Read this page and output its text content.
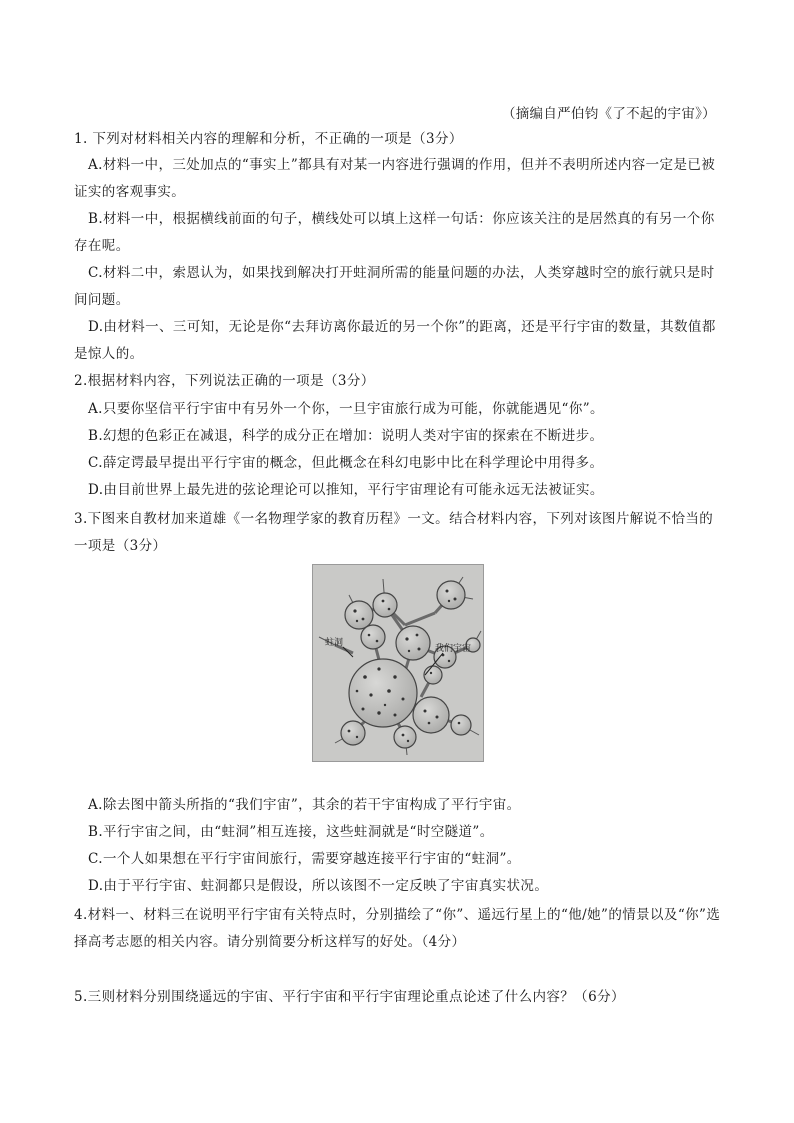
（摘编自严伯钧《了不起的宇宙》）
1. 下列对材料相关内容的理解和分析，不正确的一项是（3分）
A.材料一中，三处加点的“事实上”都具有对某一内容进行强调的作用，但并不表明所述内容一定是已被证实的客观事实。
B.材料一中，根据横线前面的句子，横线处可以填上这样一句话：你应该关注的是居然真的有另一个你存在呢。
C.材料二中，索恩认为，如果找到解决打开蛀洞所需的能量问题的办法，人类穿越时空的旅行就只是时间问题。
D.由材料一、三可知，无论是你“去拜访离你最近的另一个你”的距离，还是平行宇宙的数量，其数值都是惊人的。
2.根据材料内容，下列说法正确的一项是（3分）
A.只要你坚信平行宇宙中有另外一个你，一旦宇宙旅行成为可能，你就能遇见“你”。
B.幻想的色彩正在减退，科学的成分正在增加：说明人类对宇宙的探索在不断进步。
C.薛定谔最早提出平行宇宙的概念，但此概念在科幻电影中比在科学理论中用得多。
D.由目前世界上最先进的弦论理论可以推知，平行宇宙理论有可能永远无法被证实。
3.下图来自教材加来道雄《一名物理学家的教育历程》一文。结合材料内容，下列对该图片解说不恰当的一项是（3分）
蛀洞
我们宇宙
A.除去图中箭头所指的“我们宇宙”，其余的若干宇宙构成了平行宇宙。
B.平行宇宙之间，由“蛀洞”相互连接，这些蛀洞就是“时空隧道”。
C.一个人如果想在平行宇宙间旅行，需要穿越连接平行宇宙的“蛀洞”。
D.由于平行宇宙、蛀洞都只是假设，所以该图不一定反映了宇宙真实状况。
4.材料一、材料三在说明平行宇宙有关特点时，分别描绘了“你”、遥远行星上的“他/她”的情景以及“你”选择高考志愿的相关内容。请分别简要分析这样写的好处。（4分）
5.三则材料分别围绕遥远的宇宙、平行宇宙和平行宇宙理论重点论述了什么内容？（6分）
